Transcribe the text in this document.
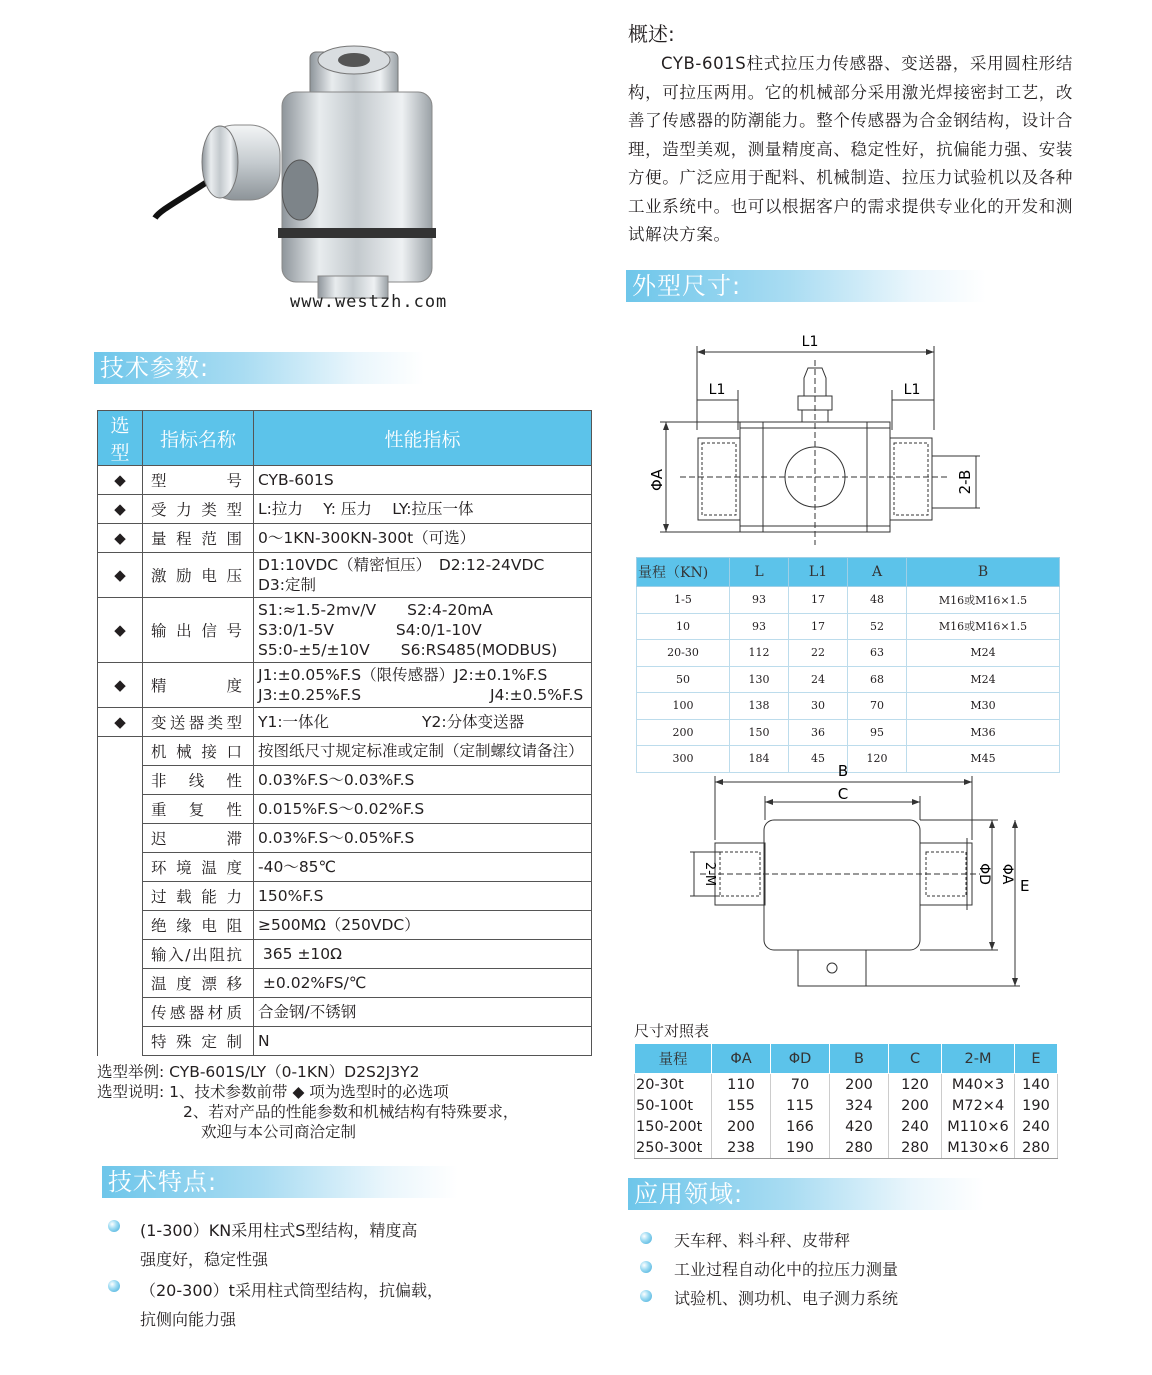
www.westzh.com
概述:
CYB-601S柱式拉压力传感器、变送器，采用圆柱形结构，可拉压两用。它的机械部分采用激光焊接密封工艺，改善了传感器的防潮能力。整个传感器为合金钢结构，设计合理，造型美观，测量精度高、稳定性好，抗偏能力强、安装方便。广泛应用于配料、机械制造、拉压力试验机以及各种工业系统中。也可以根据客户的需求提供专业化的开发和测试解决方案。
技术参数:
外型尺寸:
技术特点:	应用领域:
选型	指标名称	性能指标
◆	型号	CYB-601S

◆	受力类型	L:拉力　 Y: 压力　 LY:拉压一体

◆	量程范围	0～1KN-300KN-300t（可选）

◆	激励电压	D1:10VDC（精密恒压）　D2:12-24VDC
D3:定制

◆	输出信号	S1:≈1.5-2mv/V　　S2:4-20mA
S3:0/1-5V　　　　S4:0/1-10V
S5:0-±5/±10V　　S6:RS485(MODBUS)

◆	精度	J1:±0.05%F.S（限传感器）J2:±0.1%F.S
J3:±0.25%F.S　　　　　　　　 J4:±0.5%F.S

◆	变送器类型	Y1:一体化　　　　　　Y2:分体变送器

	机械接口	按图纸尺寸规定标准或定制（定制螺纹请备注）

	非线性	0.03%F.S～0.03%F.S

	重复性	0.015%F.S～0.02%F.S

	迟滞	0.03%F.S～0.05%F.S

	环境温度	-40～85℃

	过载能力	150%F.S

	绝缘电阻	≥500MΩ（250VDC）

	输入/出阻抗	365 ±10Ω

	温度漂移	±0.02%FS/℃

	传感器材质	合金钢/不锈钢

	特殊定制	N
选型举例: CYB-601S/LY（0-1KN）D2S2J3Y2
选型说明: 1、技术参数前带 ◆ 项为选型时的必选项
2、若对产品的性能参数和机械结构有特殊要求，
欢迎与本公司商洽定制
(1-300）KN采用柱式S型结构，精度高
强度好，稳定性强
（20-300）t采用柱式筒型结构，抗偏载，
抗侧向能力强
天车秤、料斗秤、皮带秤
工业过程自动化中的拉压力测量
试验机、测功机、电子测力系统
L1
L1	L1
ΦA	2-B
量程（KN)	L	L1	A	B
1-5	93	17	48	M16或M16×1.5
10	93	17	52	M16或M16×1.5
20-30	112	22	63	M24
50	130	24	68	M24
100	138	30	70	M30
200	150	36	95	M36
300	184	45	120	M45
B
C
2-M	ΦD ΦA
E
尺寸对照表
量程	ΦA	ΦD	B	C	2-M	E
20-30t	110	70	200	120	M40×3	140
50-100t	155	115	324	200	M72×4	190
150-200t	200	166	420	240	M110×6	240
250-300t	238	190	280	280	M130×6	280
